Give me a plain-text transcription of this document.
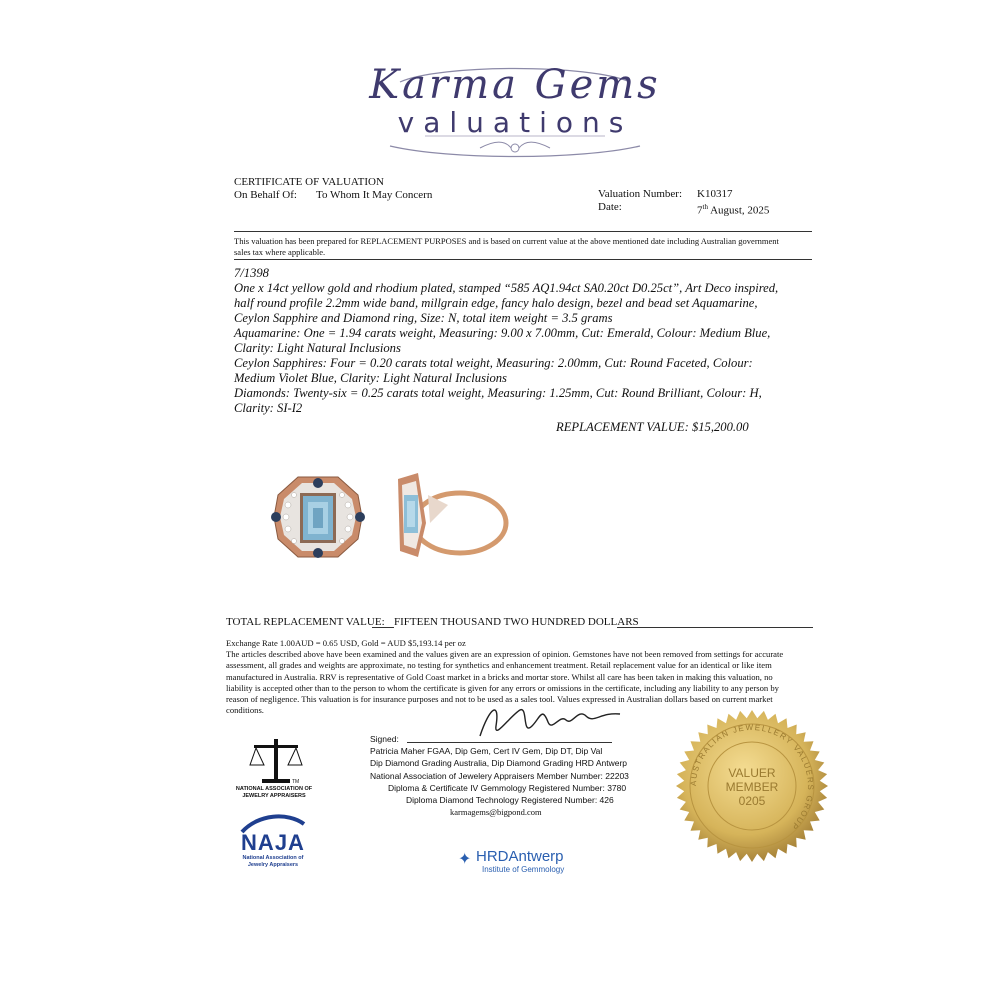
Karma Gems
valuations
CERTIFICATE OF VALUATION
On Behalf Of: To Whom It May Concern	Valuation Number: K10317
Date:	7th August, 2025
This valuation has been prepared for REPLACEMENT PURPOSES and is based on current value at the above mentioned date including Australian government
sales tax where applicable.
7/1398
One x 14ct yellow gold and rhodium plated, stamped “585 AQ1.94ct SA0.20ct D0.25ct”, Art Deco inspired,
half round profile 2.2mm wide band, millgrain edge, fancy halo design, bezel and bead set Aquamarine,
Ceylon Sapphire and Diamond ring, Size: N, total item weight = 3.5 grams
Aquamarine: One = 1.94 carats weight, Measuring: 9.00 x 7.00mm, Cut: Emerald, Colour: Medium Blue,
Clarity: Light Natural Inclusions
Ceylon Sapphires: Four = 0.20 carats total weight, Measuring: 2.00mm, Cut: Round Faceted, Colour:
Medium Violet Blue, Clarity: Light Natural Inclusions
Diamonds: Twenty-six = 0.25 carats total weight, Measuring: 1.25mm, Cut: Round Brilliant, Colour: H,
Clarity: SI-I2
REPLACEMENT VALUE: $15,200.00
TOTAL REPLACEMENT VALUE: FIFTEEN THOUSAND TWO HUNDRED DOLLARS
Exchange Rate 1.00AUD = 0.65 USD, Gold = AUD $5,193.14 per oz
The articles described above have been examined and the values given are an expression of opinion. Gemstones have not been removed from settings for accurate
assessment, all grades and weights are approximate, no testing for synthetics and enhancement treatment. Retail replacement value for an identical or like item
manufactured in Australia. RRV is representative of Gold Coast market in a bricks and mortar store. Whilst all care has been taken in making this valuation, no
liability is accepted other than to the person to whom the certificate is given for any errors or omissions in the certificate, including any liability to any person by
reason of negligence. This valuation is for insurance purposes and not to be used as a sales tool. Values expressed in Australian dollars based on current market
conditions.
Signed:
Patricia Maher FGAA, Dip Gem, Cert IV Gem, Dip DT, Dip Val
Dip Diamond Grading Australia, Dip Diamond Grading HRD Antwerp
National Association of Jewelery Appraisers Member Number: 22203
Diploma & Certificate IV Gemmology Registered Number: 3780
Diploma Diamond Technology Registered Number: 426
karmagems@bigpond.com
TM
NATIONAL ASSOCIATION OF
JEWELRY APPRAISERS
NAJA
National Association of
Jewelry Appraisers	✦ HRDAntwerp
Institute of Gemmology
AUSTRALIAN JEWELLERY VALUERS GROUP
VALUER
MEMBER
0205
